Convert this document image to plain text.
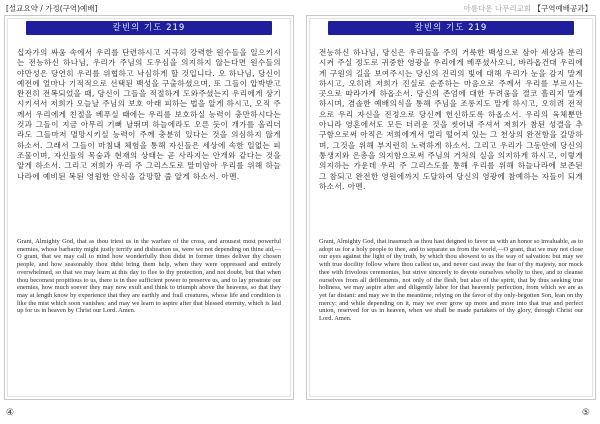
[설교요약 / 가정(구역)예배]
칼빈의 기도 219
십자가의 싸움 속에서 우리를 단련하시고 지극히 강력한 원수들을 일으키시는 전능하신 하나님, 우리가 주님의 도우심을 의지하지 않는다면 원수들의 야만성은 당연히 우리를 위협하고 낙심하게 할 것입니다. 오 하나님, 당신이 예전에 얼마나 기적적으로 선택된 백성을 구출하셨으며, 또 그들이 압박받고 완전히 전복되었을 때, 당신이 그들을 적절하게 도와주셨는지 우리에게 상기시키셔서 저희가 오늘날 주님의 보호 아래 피하는 법을 알게 하시고, 오직 주께서 우리에게 친절을 베푸실 때에는 우리를 보호하실 능력이 충만하시다는 것과 그들이 지금 아무리 기뻐 날뛰며 하늘에라도 오른 듯이 개가를 올리더라도 그들마저 멸망시키실 능력이 주께 충분히 있다는 것을 의심하지 않게 하소서. 그래서 그들이 마침내 체험을 통해 자신들은 세상에 속한 일없는 피조물이며, 자신들의 목숨과 현재의 상태는 곧 사라지는 안개와 같다는 것을 알게 하소서. 그리고 저희가 우리 주 그리스도로 말미암아 우리를 위해 하늘나라에 예비된 복된 영원한 안식을 갈망할 줄 알게 하소서. 아멘.
Grant, Almighty God, that as thou triest us in the warfare of the cross, and arousest most powerful enemies, whose barbarity might justly terrify and dishearten us, were we not depending on thine aid,—O grant, that we may call to mind how wonderfully thou didst in former times deliver thy chosen people, and how seasonably thou didst bring them help, when they were oppressed and entirely overwhelmed, so that we may learn at this day to flee to thy protection, and not doubt, but that when thou becomest propitious to us, there is in thee sufficient power to preserve us, and to lay prostrate our enemies, how much soever they may now exult and think to triumph above the heavens, so that they may at length know by experience that they are earthly and frail creatures, whose life and condition is like the mist which soon vanishes: and may we learn to aspire after that blessed eternity, which is laid up for us in heaven by Christ our Lord. Amen.
④
아름다운 나무리교회 【구역예배공과】
칼빈의 기도 219
전능하신 하나님, 당신은 우리들을 주의 거룩한 백성으로 삼아 세상과 분리시켜 주실 정도로 귀중한 영광을 우리에게 베푸셨사오니, 바라옵건대 우리에게 구원의 길을 보여주시는 당신의 진리의 빛에 대해 우리가 눈을 감지 말게 하시고, 오히려 저희가 진실로 순종하는 마음으로 주께서 우리를 부르시는 곳으로 따라가게 하옵소서. 당신의 존엄에 대한 두려움을 결코 흘리지 말게 하시며, 겸솔한 예배의식을 통해 주님을 조롱지도 말게 하시고, 오히려 전적으로 우리 자신을 진정으로 당신께 헌신하도록 하옵소서. 우리의 육체뿐만 아니라 영혼에서도 모든 더러운 것을 씻어내 주셔서 저희가 참된 성결을 추구함으로써 아직은 저희에게서 멀리 떨어져 있는 그 천상의 완전함을 갈망하며, 그것을 위해 부지런히 노력하게 하소서. 그리고 우리가 그동안에 당신의 통생지와 은총을 의지함으로써 주님의 거처의 실을 의지하게 하시고, 이렇게 의지하는 가운데 우리 주 그리스도를 통해 우리를 위해 하늘나라에 보존된 그 참되고 완전한 영원에까지 도달하여 당신의 영광에 참예하는 자들이 되게 하소서. 아멘.
Grant, Almighty God, that inasmuch as thou hast deigned to favor us with an honor so invaluable, as to adopt us for a holy people to thee, and to separate us from the world,—O grant, that we may not close our eyes against the light of thy truth, by which thou showest to us the way of salvation: but may we with true docility follow where thou callest us, and never cast away the fear of thy majesty, nor mock thee with frivolous ceremonies, but strive sincerely to devote ourselves wholly to thee, and to cleanse ourselves from all defilements, not only of the flesh, but also of the spirit, that by thus seeking true holiness, we may aspire after and diligently labor for that heavenly perfection, from which we are as yet far distant: and may we in the meantime, relying on the favor of thy only-begotten Son, lean on thy mercy: and while depending on it, may we ever grow up more and more into that true and perfect union, reserved for us in heaven, when we shall be made partakers of thy glory, through Christ our Lord. Amen.
⑤
